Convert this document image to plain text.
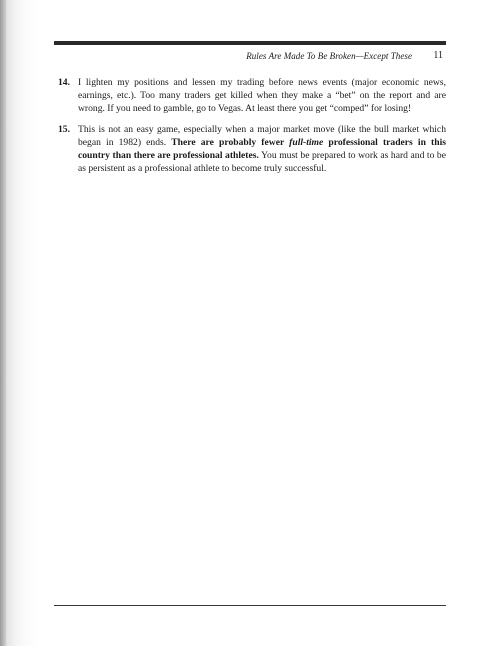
Rules Are Made To Be Broken—Except These 11
14. I lighten my positions and lessen my trading before news events (major economic news, earnings, etc.). Too many traders get killed when they make a “bet” on the report and are wrong. If you need to gamble, go to Vegas. At least there you get “comped” for losing!
15. This is not an easy game, especially when a major market move (like the bull market which began in 1982) ends. There are probably fewer full-time professional traders in this country than there are professional athletes. You must be prepared to work as hard and to be as persistent as a professional athlete to become truly successful.
